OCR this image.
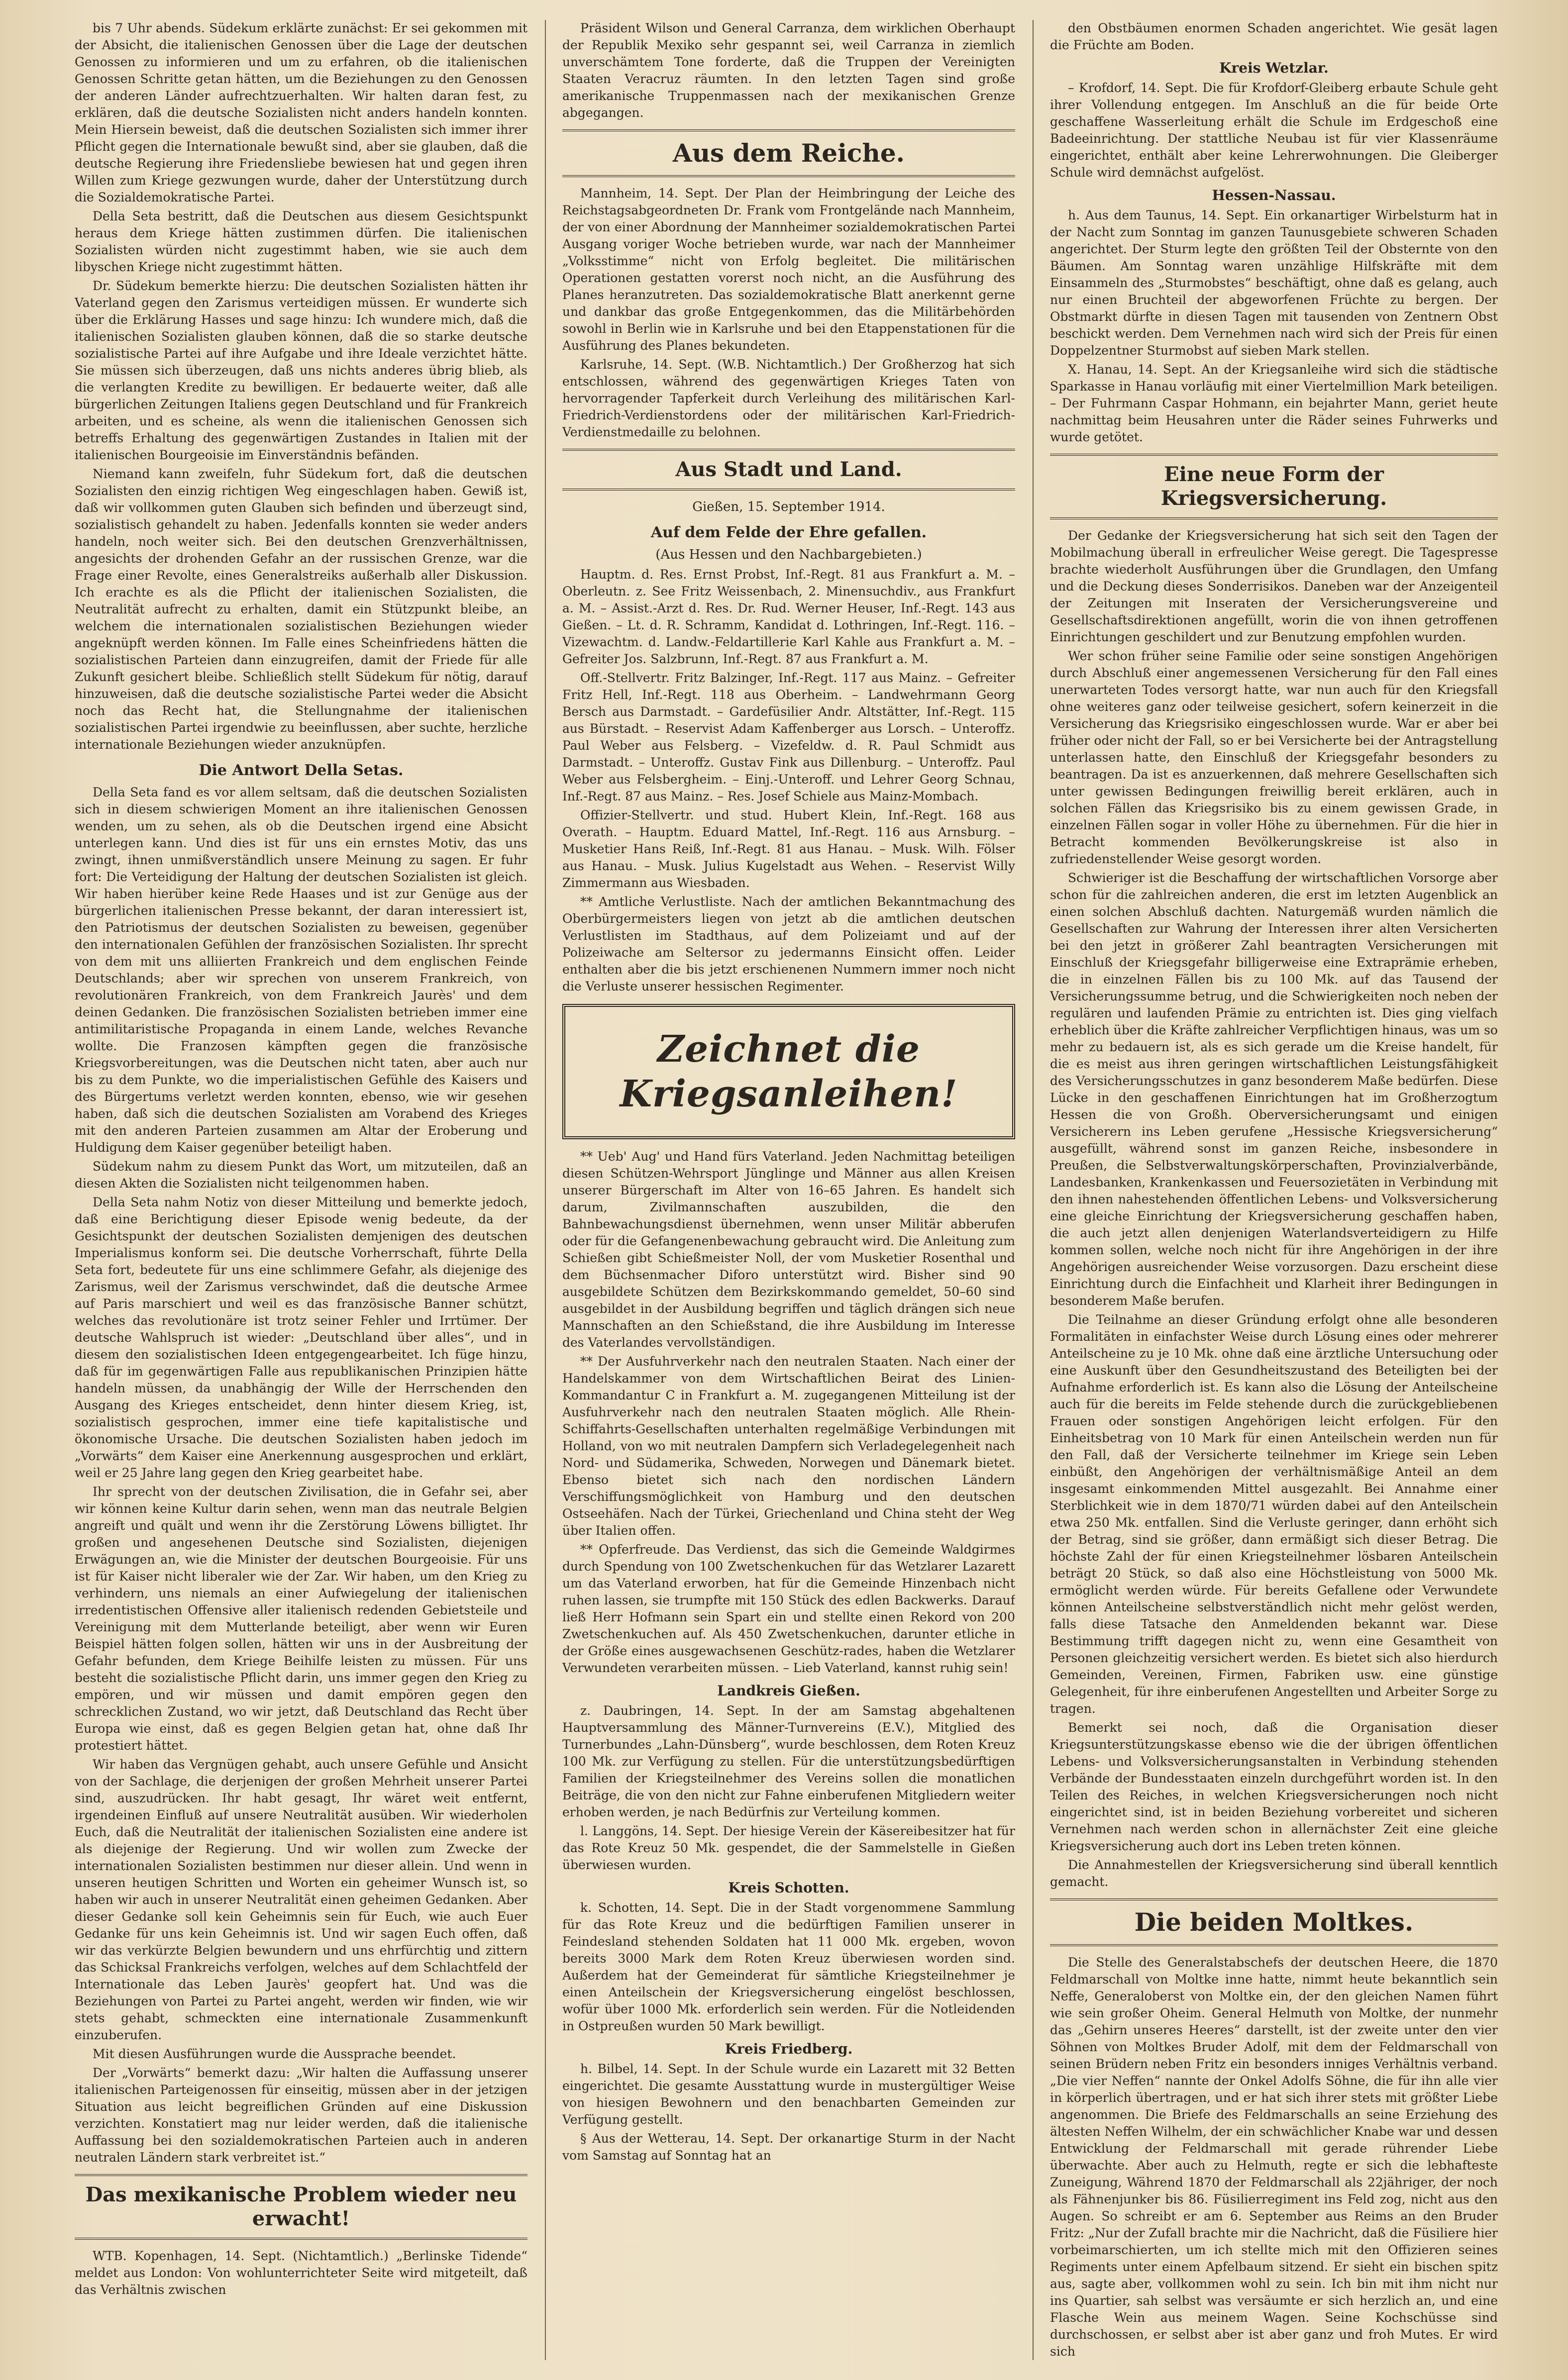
bis 7 Uhr abends. Südekum erklärte zunächst: Er sei gekommen mit der Absicht, die italienischen Genossen über die Lage der deutschen Genossen zu informieren und um zu erfahren, ob die italienischen Genossen Schritte getan hätten, um die Beziehungen zu den Genossen der anderen Länder aufrechtzuerhalten. Wir halten daran fest, zu erklären, daß die deutsche Sozialisten nicht anders handeln konnten. Mein Hiersein beweist, daß die deutschen Sozialisten sich immer ihrer Pflicht gegen die Internationale bewußt sind, aber sie glauben, daß die deutsche Regierung ihre Friedensliebe bewiesen hat und gegen ihren Willen zum Kriege gezwungen wurde, daher der Unterstützung durch die Sozialdemokratische Partei.

Della Seta bestritt, daß die Deutschen aus diesem Gesichtspunkt heraus dem Kriege hätten zustimmen dürfen. Die italienischen Sozialisten würden nicht zugestimmt haben, wie sie auch dem libyschen Kriege nicht zugestimmt hätten.

Dr. Südekum bemerkte hierzu: Die deutschen Sozialisten hätten ihr Vaterland gegen den Zarismus verteidigen müssen. Er wunderte sich über die Erklärung Hasses und sage hinzu: Ich wundere mich, daß die italienischen Sozialisten glauben können, daß die so starke deutsche sozialistische Partei auf ihre Aufgabe und ihre Ideale verzichtet hätte. Sie müssen sich überzeugen, daß uns nichts anderes übrig blieb, als die verlangten Kredite zu bewilligen. Er bedauerte weiter, daß alle bürgerlichen Zeitungen Italiens gegen Deutschland und für Frankreich arbeiten, und es scheine, als wenn die italienischen Genossen sich betreffs Erhaltung des gegenwärtigen Zustandes in Italien mit der italienischen Bourgeoisie im Einverständnis befänden.

Niemand kann zweifeln, fuhr Südekum fort, daß die deutschen Sozialisten den einzig richtigen Weg eingeschlagen haben. Gewiß ist, daß wir vollkommen guten Glauben sich befinden und überzeugt sind, sozialistisch gehandelt zu haben. Jedenfalls konnten sie weder anders handeln, noch weiter sich. Bei den deutschen Grenzverhältnissen, angesichts der drohenden Gefahr an der russischen Grenze, war die Frage einer Revolte, eines Generalstreiks außerhalb aller Diskussion. Ich erachte es als die Pflicht der italienischen Sozialisten, die Neutralität aufrecht zu erhalten, damit ein Stützpunkt bleibe, an welchem die internationalen sozialistischen Beziehungen wieder angeknüpft werden können. Im Falle eines Scheinfriedens hätten die sozialistischen Parteien dann einzugreifen, damit der Friede für alle Zukunft gesichert bleibe. Schließlich stellt Südekum für nötig, darauf hinzuweisen, daß die deutsche sozialistische Partei weder die Absicht noch das Recht hat, die Stellungnahme der italienischen sozialistischen Partei irgendwie zu beeinflussen, aber suchte, herzliche internationale Beziehungen wieder anzuknüpfen.

Die Antwort Della Setas.

Della Seta fand es vor allem seltsam, daß die deutschen Sozialisten sich in diesem schwierigen Moment an ihre italienischen Genossen wenden, um zu sehen, als ob die Deutschen irgend eine Absicht unterlegen kann. Und dies ist für uns ein ernstes Motiv, das uns zwingt, ihnen unmißverständlich unsere Meinung zu sagen. Er fuhr fort: Die Verteidigung der Haltung der deutschen Sozialisten ist gleich. Wir haben hierüber keine Rede Haases und ist zur Genüge aus der bürgerlichen italienischen Presse bekannt, der daran interessiert ist, den Patriotismus der deutschen Sozialisten zu beweisen, gegenüber den internationalen Gefühlen der französischen Sozialisten. Ihr sprecht von dem mit uns alliierten Frankreich und dem englischen Feinde Deutschlands; aber wir sprechen von unserem Frankreich, von revolutionären Frankreich, von dem Frankreich Jaurès' und dem deinen Gedanken. Die französischen Sozialisten betrieben immer eine antimilitaristische Propaganda in einem Lande, welches Revanche wollte. Die Franzosen kämpften gegen die französische Kriegsvorbereitungen, was die Deutschen nicht taten, aber auch nur bis zu dem Punkte, wo die imperialistischen Gefühle des Kaisers und des Bürgertums verletzt werden konnten, ebenso, wie wir gesehen haben, daß sich die deutschen Sozialisten am Vorabend des Krieges mit den anderen Parteien zusammen am Altar der Eroberung und Huldigung dem Kaiser gegenüber beteiligt haben.

Südekum nahm zu diesem Punkt das Wort, um mitzuteilen, daß an diesen Akten die Sozialisten nicht teilgenommen haben.

Della Seta nahm Notiz von dieser Mitteilung und bemerkte jedoch, daß eine Berichtigung dieser Episode wenig bedeute, da der Gesichtspunkt der deutschen Sozialisten demjenigen des deutschen Imperialismus konform sei. Die deutsche Vorherrschaft, führte Della Seta fort, bedeutete für uns eine schlimmere Gefahr, als diejenige des Zarismus, weil der Zarismus verschwindet, daß die deutsche Armee auf Paris marschiert und weil es das französische Banner schützt, welches das revolutionäre ist trotz seiner Fehler und Irrtümer. Der deutsche Wahlspruch ist wieder: „Deutschland über alles“, und in diesem den sozialistischen Ideen entgegengearbeitet. Ich füge hinzu, daß für im gegenwärtigen Falle aus republikanischen Prinzipien hätte handeln müssen, da unabhängig der Wille der Herrschenden den Ausgang des Krieges entscheidet, denn hinter diesem Krieg, ist, sozialistisch gesprochen, immer eine tiefe kapitalistische und ökonomische Ursache. Die deutschen Sozialisten haben jedoch im „Vorwärts“ dem Kaiser eine Anerkennung ausgesprochen und erklärt, weil er 25 Jahre lang gegen den Krieg gearbeitet habe.

Ihr sprecht von der deutschen Zivilisation, die in Gefahr sei, aber wir können keine Kultur darin sehen, wenn man das neutrale Belgien angreift und quält und wenn ihr die Zerstörung Löwens billigtet. Ihr großen und angesehenen Deutsche sind Sozialisten, diejenigen Erwägungen an, wie die Minister der deutschen Bourgeoisie. Für uns ist für Kaiser nicht liberaler wie der Zar. Wir haben, um den Krieg zu verhindern, uns niemals an einer Aufwiegelung der italienischen irredentistischen Offensive aller italienisch redenden Gebietsteile und Vereinigung mit dem Mutterlande beteiligt, aber wenn wir Euren Beispiel hätten folgen sollen, hätten wir uns in der Ausbreitung der Gefahr befunden, dem Kriege Beihilfe leisten zu müssen. Für uns besteht die sozialistische Pflicht darin, uns immer gegen den Krieg zu empören, und wir müssen und damit empören gegen den schrecklichen Zustand, wo wir jetzt, daß Deutschland das Recht über Europa wie einst, daß es gegen Belgien getan hat, ohne daß Ihr protestiert hättet.

Wir haben das Vergnügen gehabt, auch unsere Gefühle und Ansicht von der Sachlage, die derjenigen der großen Mehrheit unserer Partei sind, auszudrücken. Ihr habt gesagt, Ihr wäret weit entfernt, irgendeinen Einfluß auf unsere Neutralität ausüben. Wir wiederholen Euch, daß die Neutralität der italienischen Sozialisten eine andere ist als diejenige der Regierung. Und wir wollen zum Zwecke der internationalen Sozialisten bestimmen nur dieser allein. Und wenn in unseren heutigen Schritten und Worten ein geheimer Wunsch ist, so haben wir auch in unserer Neutralität einen geheimen Gedanken. Aber dieser Gedanke soll kein Geheimnis sein für Euch, wie auch Euer Gedanke für uns kein Geheimnis ist. Und wir sagen Euch offen, daß wir das verkürzte Belgien bewundern und uns ehrfürchtig und zittern das Schicksal Frankreichs verfolgen, welches auf dem Schlachtfeld der Internationale das Leben Jaurès' geopfert hat. Und was die Beziehungen von Partei zu Partei angeht, werden wir finden, wie wir stets gehabt, schmeckten eine internationale Zusammenkunft einzuberufen.

Mit diesen Ausführungen wurde die Aussprache beendet.

Der „Vorwärts“ bemerkt dazu: „Wir halten die Auffassung unserer italienischen Parteigenossen für einseitig, müssen aber in der jetzigen Situation aus leicht begreiflichen Gründen auf eine Diskussion verzichten. Konstatiert mag nur leider werden, daß die italienische Auffassung bei den sozialdemokratischen Parteien auch in anderen neutralen Ländern stark verbreitet ist.“

Das mexikanische Problem wieder neu erwacht!

WTB. Kopenhagen, 14. Sept. (Nichtamtlich.) „Berlinske Tidende“ meldet aus London: Von wohlunterrichteter Seite wird mitgeteilt, daß das Verhältnis zwischen

Präsident Wilson und General Carranza, dem wirklichen Oberhaupt der Republik Mexiko sehr gespannt sei, weil Carranza in ziemlich unverschämtem Tone forderte, daß die Truppen der Vereinigten Staaten Veracruz räumten. In den letzten Tagen sind große amerikanische Truppenmassen nach der mexikanischen Grenze abgegangen.

Aus dem Reiche.

Mannheim, 14. Sept. Der Plan der Heimbringung der Leiche des Reichstagsabgeordneten Dr. Frank vom Frontgelände nach Mannheim, der von einer Abordnung der Mannheimer sozialdemokratischen Partei Ausgang voriger Woche betrieben wurde, war nach der Mannheimer „Volksstimme“ nicht von Erfolg begleitet. Die militärischen Operationen gestatten vorerst noch nicht, an die Ausführung des Planes heranzutreten. Das sozialdemokratische Blatt anerkennt gerne und dankbar das große Entgegenkommen, das die Militärbehörden sowohl in Berlin wie in Karlsruhe und bei den Etappenstationen für die Ausführung des Planes bekundeten.

Karlsruhe, 14. Sept. (W.B. Nichtamtlich.) Der Großherzog hat sich entschlossen, während des gegenwärtigen Krieges Taten von hervorragender Tapferkeit durch Verleihung des militärischen Karl-Friedrich-Verdienstordens oder der militärischen Karl-Friedrich-Verdienstmedaille zu belohnen.

Aus Stadt und Land.
Gießen, 15. September 1914.
Auf dem Felde der Ehre gefallen.
(Aus Hessen und den Nachbargebieten.)

Hauptm. d. Res. Ernst Probst, Inf.-Regt. 81 aus Frankfurt a. M. – Oberleutn. z. See Fritz Weissenbach, 2. Minensuchdiv., aus Frankfurt a. M. – Assist.-Arzt d. Res. Dr. Rud. Werner Heuser, Inf.-Regt. 143 aus Gießen. – Lt. d. R. Schramm, Kandidat d. Lothringen, Inf.-Regt. 116. – Vizewachtm. d. Landw.-Feldartillerie Karl Kahle aus Frankfurt a. M. – Gefreiter Jos. Salzbrunn, Inf.-Regt. 87 aus Frankfurt a. M.

Off.-Stellvertr. Fritz Balzinger, Inf.-Regt. 117 aus Mainz. – Gefreiter Fritz Hell, Inf.-Regt. 118 aus Oberheim. – Landwehrmann Georg Bersch aus Darmstadt. – Gardefüsilier Andr. Altstätter, Inf.-Regt. 115 aus Bürstadt. – Reservist Adam Kaffenberger aus Lorsch. – Unteroffz. Paul Weber aus Felsberg. – Vizefeldw. d. R. Paul Schmidt aus Darmstadt. – Unteroffz. Gustav Fink aus Dillenburg. – Unteroffz. Paul Weber aus Felsbergheim. – Einj.-Unteroff. und Lehrer Georg Schnau, Inf.-Regt. 87 aus Mainz. – Res. Josef Schiele aus Mainz-Mombach.

Offizier-Stellvertr. und stud. Hubert Klein, Inf.-Regt. 168 aus Overath. – Hauptm. Eduard Mattel, Inf.-Regt. 116 aus Arnsburg. – Musketier Hans Reiß, Inf.-Regt. 81 aus Hanau. – Musk. Wilh. Fölser aus Hanau. – Musk. Julius Kugelstadt aus Wehen. – Reservist Willy Zimmermann aus Wiesbaden.

** Amtliche Verlustliste. Nach der amtlichen Bekanntmachung des Oberbürgermeisters liegen von jetzt ab die amtlichen deutschen Verlustlisten im Stadthaus, auf dem Polizeiamt und auf der Polizeiwache am Seltersor zu jedermanns Einsicht offen. Leider enthalten aber die bis jetzt erschienenen Nummern immer noch nicht die Verluste unserer hessischen Regimenter.

Zeichnet die Kriegsanleihen!

** Ueb' Aug' und Hand fürs Vaterland. Jeden Nachmittag beteiligen diesen Schützen-Wehrsport Jünglinge und Männer aus allen Kreisen unserer Bürgerschaft im Alter von 16–65 Jahren. Es handelt sich darum, Zivilmannschaften auszubilden, die den Bahnbewachungsdienst übernehmen, wenn unser Militär abberufen oder für die Gefangenenbewachung gebraucht wird. Die Anleitung zum Schießen gibt Schießmeister Noll, der vom Musketier Rosenthal und dem Büchsenmacher Diforo unterstützt wird. Bisher sind 90 ausgebildete Schützen dem Bezirkskommando gemeldet, 50–60 sind ausgebildet in der Ausbildung begriffen und täglich drängen sich neue Mannschaften an den Schießstand, die ihre Ausbildung im Interesse des Vaterlandes vervollständigen.

** Der Ausfuhrverkehr nach den neutralen Staaten. Nach einer der Handelskammer von dem Wirtschaftlichen Beirat des Linien-Kommandantur C in Frankfurt a. M. zugegangenen Mitteilung ist der Ausfuhrverkehr nach den neutralen Staaten möglich. Alle Rhein-Schiffahrts-Gesellschaften unterhalten regelmäßige Verbindungen mit Holland, von wo mit neutralen Dampfern sich Verladegelegenheit nach Nord- und Südamerika, Schweden, Norwegen und Dänemark bietet. Ebenso bietet sich nach den nordischen Ländern Verschiffungsmöglichkeit von Hamburg und den deutschen Ostseehäfen. Nach der Türkei, Griechenland und China steht der Weg über Italien offen.

** Opferfreude. Das Verdienst, das sich die Gemeinde Waldgirmes durch Spendung von 100 Zwetschenkuchen für das Wetzlarer Lazarett um das Vaterland erworben, hat für die Gemeinde Hinzenbach nicht ruhen lassen, sie trumpfte mit 150 Stück des edlen Backwerks. Darauf ließ Herr Hofmann sein Spart ein und stellte einen Rekord von 200 Zwetschenkuchen auf. Als 450 Zwetschenkuchen, darunter etliche in der Größe eines ausgewachsenen Geschütz-rades, haben die Wetzlarer Verwundeten verarbeiten müssen. – Lieb Vaterland, kannst ruhig sein!

Landkreis Gießen.

z. Daubringen, 14. Sept. In der am Samstag abgehaltenen Hauptversammlung des Männer-Turnvereins (E.V.), Mitglied des Turnerbundes „Lahn-Dünsberg“, wurde beschlossen, dem Roten Kreuz 100 Mk. zur Verfügung zu stellen. Für die unterstützungsbedürftigen Familien der Kriegsteilnehmer des Vereins sollen die monatlichen Beiträge, die von den nicht zur Fahne einberufenen Mitgliedern weiter erhoben werden, je nach Bedürfnis zur Verteilung kommen.

l. Langgöns, 14. Sept. Der hiesige Verein der Käsereibesitzer hat für das Rote Kreuz 50 Mk. gespendet, die der Sammelstelle in Gießen überwiesen wurden.

Kreis Schotten.

k. Schotten, 14. Sept. Die in der Stadt vorgenommene Sammlung für das Rote Kreuz und die bedürftigen Familien unserer in Feindesland stehenden Soldaten hat 11 000 Mk. ergeben, wovon bereits 3000 Mark dem Roten Kreuz überwiesen worden sind. Außerdem hat der Gemeinderat für sämtliche Kriegsteilnehmer je einen Anteilschein der Kriegsversicherung eingelöst beschlossen, wofür über 1000 Mk. erforderlich sein werden. Für die Notleidenden in Ostpreußen wurden 50 Mark bewilligt.

Kreis Friedberg.

h. Bilbel, 14. Sept. In der Schule wurde ein Lazarett mit 32 Betten eingerichtet. Die gesamte Ausstattung wurde in mustergültiger Weise von hiesigen Bewohnern und den benachbarten Gemeinden zur Verfügung gestellt.

§ Aus der Wetterau, 14. Sept. Der orkanartige Sturm in der Nacht vom Samstag auf Sonntag hat an

den Obstbäumen enormen Schaden angerichtet. Wie gesät lagen die Früchte am Boden.

Kreis Wetzlar.

– Krofdorf, 14. Sept. Die für Krofdorf-Gleiberg erbaute Schule geht ihrer Vollendung entgegen. Im Anschluß an die für beide Orte geschaffene Wasserleitung erhält die Schule im Erdgeschoß eine Badeeinrichtung. Der stattliche Neubau ist für vier Klassenräume eingerichtet, enthält aber keine Lehrerwohnungen. Die Gleiberger Schule wird demnächst aufgelöst.

Hessen-Nassau.

h. Aus dem Taunus, 14. Sept. Ein orkanartiger Wirbelsturm hat in der Nacht zum Sonntag im ganzen Taunusgebiete schweren Schaden angerichtet. Der Sturm legte den größten Teil der Obsternte von den Bäumen. Am Sonntag waren unzählige Hilfskräfte mit dem Einsammeln des „Sturmobstes“ beschäftigt, ohne daß es gelang, auch nur einen Bruchteil der abgeworfenen Früchte zu bergen. Der Obstmarkt dürfte in diesen Tagen mit tausenden von Zentnern Obst beschickt werden. Dem Vernehmen nach wird sich der Preis für einen Doppelzentner Sturmobst auf sieben Mark stellen.

X. Hanau, 14. Sept. An der Kriegsanleihe wird sich die städtische Sparkasse in Hanau vorläufig mit einer Viertelmillion Mark beteiligen. – Der Fuhrmann Caspar Hohmann, ein bejahrter Mann, geriet heute nachmittag beim Heusahren unter die Räder seines Fuhrwerks und wurde getötet.

Eine neue Form der Kriegsversicherung.

Der Gedanke der Kriegsversicherung hat sich seit den Tagen der Mobilmachung überall in erfreulicher Weise geregt. Die Tagespresse brachte wiederholt Ausführungen über die Grundlagen, den Umfang und die Deckung dieses Sonderrisikos. Daneben war der Anzeigenteil der Zeitungen mit Inseraten der Versicherungsvereine und Gesellschaftsdirektionen angefüllt, worin die von ihnen getroffenen Einrichtungen geschildert und zur Benutzung empfohlen wurden.

Wer schon früher seine Familie oder seine sonstigen Angehörigen durch Abschluß einer angemessenen Versicherung für den Fall eines unerwarteten Todes versorgt hatte, war nun auch für den Kriegsfall ohne weiteres ganz oder teilweise gesichert, sofern keinerzeit in die Versicherung das Kriegsrisiko eingeschlossen wurde. War er aber bei früher oder nicht der Fall, so er bei Versicherte bei der Antragstellung unterlassen hatte, den Einschluß der Kriegsgefahr besonders zu beantragen. Da ist es anzuerkennen, daß mehrere Gesellschaften sich unter gewissen Bedingungen freiwillig bereit erklären, auch in solchen Fällen das Kriegsrisiko bis zu einem gewissen Grade, in einzelnen Fällen sogar in voller Höhe zu übernehmen. Für die hier in Betracht kommenden Bevölkerungskreise ist also in zufriedenstellender Weise gesorgt worden.

Schwieriger ist die Beschaffung der wirtschaftlichen Vorsorge aber schon für die zahlreichen anderen, die erst im letzten Augenblick an einen solchen Abschluß dachten. Naturgemäß wurden nämlich die Gesellschaften zur Wahrung der Interessen ihrer alten Versicherten bei den jetzt in größerer Zahl beantragten Versicherungen mit Einschluß der Kriegsgefahr billigerweise eine Extraprämie erheben, die in einzelnen Fällen bis zu 100 Mk. auf das Tausend der Versicherungssumme betrug, und die Schwierigkeiten noch neben der regulären und laufenden Prämie zu entrichten ist. Dies ging vielfach erheblich über die Kräfte zahlreicher Verpflichtigen hinaus, was um so mehr zu bedauern ist, als es sich gerade um die Kreise handelt, für die es meist aus ihren geringen wirtschaftlichen Leistungsfähigkeit des Versicherungsschutzes in ganz besonderem Maße bedürfen. Diese Lücke in den geschaffenen Einrichtungen hat im Großherzogtum Hessen die von Großh. Oberversicherungsamt und einigen Versicherern ins Leben gerufene „Hessische Kriegsversicherung“ ausgefüllt, während sonst im ganzen Reiche, insbesondere in Preußen, die Selbstverwaltungskörperschaften, Provinzialverbände, Landesbanken, Krankenkassen und Feuersozietäten in Verbindung mit den ihnen nahestehenden öffentlichen Lebens- und Volksversicherung eine gleiche Einrichtung der Kriegsversicherung geschaffen haben, die auch jetzt allen denjenigen Waterlandsverteidigern zu Hilfe kommen sollen, welche noch nicht für ihre Angehörigen in der ihre Angehörigen ausreichender Weise vorzusorgen. Dazu erscheint diese Einrichtung durch die Einfachheit und Klarheit ihrer Bedingungen in besonderem Maße berufen.

Die Teilnahme an dieser Gründung erfolgt ohne alle besonderen Formalitäten in einfachster Weise durch Lösung eines oder mehrerer Anteilscheine zu je 10 Mk. ohne daß eine ärztliche Untersuchung oder eine Auskunft über den Gesundheitszustand des Beteiligten bei der Aufnahme erforderlich ist. Es kann also die Lösung der Anteilscheine auch für die bereits im Felde stehende durch die zurückgebliebenen Frauen oder sonstigen Angehörigen leicht erfolgen. Für den Einheitsbetrag von 10 Mark für einen Anteilschein werden nun für den Fall, daß der Versicherte teilnehmer im Kriege sein Leben einbüßt, den Angehörigen der verhältnismäßige Anteil an dem insgesamt einkommenden Mittel ausgezahlt. Bei Annahme einer Sterblichkeit wie in dem 1870/71 würden dabei auf den Anteilschein etwa 250 Mk. entfallen. Sind die Verluste geringer, dann erhöht sich der Betrag, sind sie größer, dann ermäßigt sich dieser Betrag. Die höchste Zahl der für einen Kriegsteilnehmer lösbaren Anteilschein beträgt 20 Stück, so daß also eine Höchstleistung von 5000 Mk. ermöglicht werden würde. Für bereits Gefallene oder Verwundete können Anteilscheine selbstverständlich nicht mehr gelöst werden, falls diese Tatsache den Anmeldenden bekannt war. Diese Bestimmung trifft dagegen nicht zu, wenn eine Gesamtheit von Personen gleichzeitig versichert werden. Es bietet sich also hierdurch Gemeinden, Vereinen, Firmen, Fabriken usw. eine günstige Gelegenheit, für ihre einberufenen Angestellten und Arbeiter Sorge zu tragen.

Bemerkt sei noch, daß die Organisation dieser Kriegsunterstützungskasse ebenso wie die der übrigen öffentlichen Lebens- und Volksversicherungsanstalten in Verbindung stehenden Verbände der Bundesstaaten einzeln durchgeführt worden ist. In den Teilen des Reiches, in welchen Kriegsversicherungen noch nicht eingerichtet sind, ist in beiden Beziehung vorbereitet und sicheren Vernehmen nach werden schon in allernächster Zeit eine gleiche Kriegsversicherung auch dort ins Leben treten können.

Die Annahmestellen der Kriegsversicherung sind überall kenntlich gemacht.

Die beiden Moltkes.

Die Stelle des Generalstabschefs der deutschen Heere, die 1870 Feldmarschall von Moltke inne hatte, nimmt heute bekanntlich sein Neffe, Generaloberst von Moltke ein, der den gleichen Namen führt wie sein großer Oheim. General Helmuth von Moltke, der nunmehr das „Gehirn unseres Heeres“ darstellt, ist der zweite unter den vier Söhnen von Moltkes Bruder Adolf, mit dem der Feldmarschall von seinen Brüdern neben Fritz ein besonders inniges Verhältnis verband. „Die vier Neffen“ nannte der Onkel Adolfs Söhne, die für ihn alle vier in körperlich übertragen, und er hat sich ihrer stets mit größter Liebe angenommen. Die Briefe des Feldmarschalls an seine Erziehung des ältesten Neffen Wilhelm, der ein schwächlicher Knabe war und dessen Entwicklung der Feldmarschall mit gerade rührender Liebe überwachte. Aber auch zu Helmuth, regte er sich die lebhafteste Zuneigung, Während 1870 der Feldmarschall als 22jähriger, der noch als Fähnenjunker bis 86. Füsilierregiment ins Feld zog, nicht aus den Augen. So schreibt er am 6. September aus Reims an den Bruder Fritz: „Nur der Zufall brachte mir die Nachricht, daß die Füsiliere hier vorbeimarschierten, um ich stellte mich mit den Offizieren seines Regiments unter einem Apfelbaum sitzend. Er sieht ein bischen spitz aus, sagte aber, vollkommen wohl zu sein. Ich bin mit ihm nicht nur ins Quartier, sah selbst was versäumte er sich herzlich an, und eine Flasche Wein aus meinem Wagen. Seine Kochschüsse sind durchschossen, er selbst aber ist aber ganz und froh Mutes. Er wird sich
